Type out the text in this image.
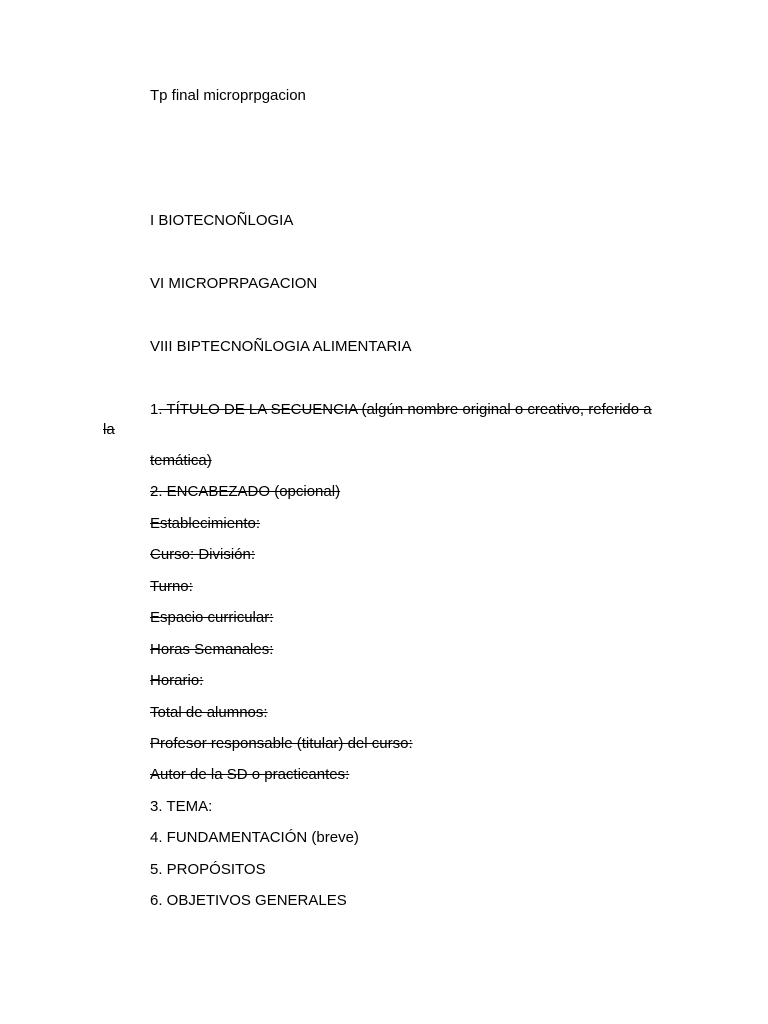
Tp final microprpgacion
I BIOTECNOÑLOGIA
VI MICROPRPAGACION
VIII BIPTECNOÑLOGIA ALIMENTARIA
1. TÍTULO DE LA SECUENCIA (algún nombre original o creativo, referido a
la
temática)
2. ENCABEZADO (opcional)
Establecimiento:
Curso: División:
Turno:
Espacio curricular:
Horas Semanales:
Horario:
Total de alumnos:
Profesor responsable (titular) del curso:
Autor de la SD o practicantes:
3. TEMA:
4. FUNDAMENTACIÓN (breve)
5. PROPÓSITOS
6. OBJETIVOS GENERALES
